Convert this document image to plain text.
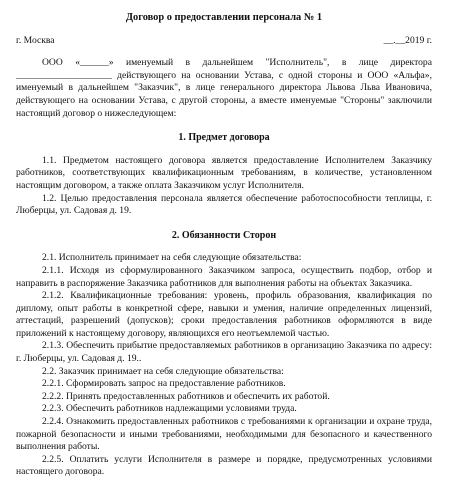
Договор о предоставлении персонала № 1
г. Москва	__.__2019 г.

ООО «______» именуемый в дальнейшем "Исполнитель", в лице директора ____________________ действующего на основании Устава, с одной стороны и ООО «Альфа», именуемый в дальнейшем "Заказчик", в лице генерального директора Львова Льва Ивановича, действующего на основании Устава, с другой стороны, а вместе именуемые "Стороны" заключили настоящий договор о нижеследующем:

1. Предмет договора

1.1. Предметом настоящего договора является предоставление Исполнителем Заказчику работников, соответствующих квалификационным требованиям, в количестве, установленном настоящим договором, а также оплата Заказчиком услуг Исполнителя.

1.2. Целью предоставления персонала является обеспечение работоспособности теплицы, г. Люберцы, ул. Садовая д. 19.

2. Обязанности Сторон

2.1. Исполнитель принимает на себя следующие обязательства:

2.1.1. Исходя из сформулированного Заказчиком запроса, осуществить подбор, отбор и направить в распоряжение Заказчика работников для выполнения работы на объектах Заказчика.

2.1.2. Квалификационные требования: уровень, профиль образования, квалификация по диплому, опыт работы в конкретной сфере, навыки и умения, наличие определенных лицензий, аттестаций, разрешений (допусков); сроки предоставления работников оформляются в виде приложений к настоящему договору, являющихся его неотъемлемой частью.

2.1.3. Обеспечить прибытие предоставляемых работников в организацию Заказчика по адресу: г. Люберцы, ул. Садовая д. 19..

2.2. Заказчик принимает на себя следующие обязательства:

2.2.1. Сформировать запрос на предоставление работников.

2.2.2. Принять предоставленных работников и обеспечить их работой.

2.2.3. Обеспечить работников надлежащими условиями труда.

2.2.4. Ознакомить предоставленных работников с требованиями к организации и охране труда, пожарной безопасности и иными требованиями, необходимыми для безопасного и качественного выполнения работы.

2.2.5. Оплатить услуги Исполнителя в размере и порядке, предусмотренных условиями настоящего договора.
